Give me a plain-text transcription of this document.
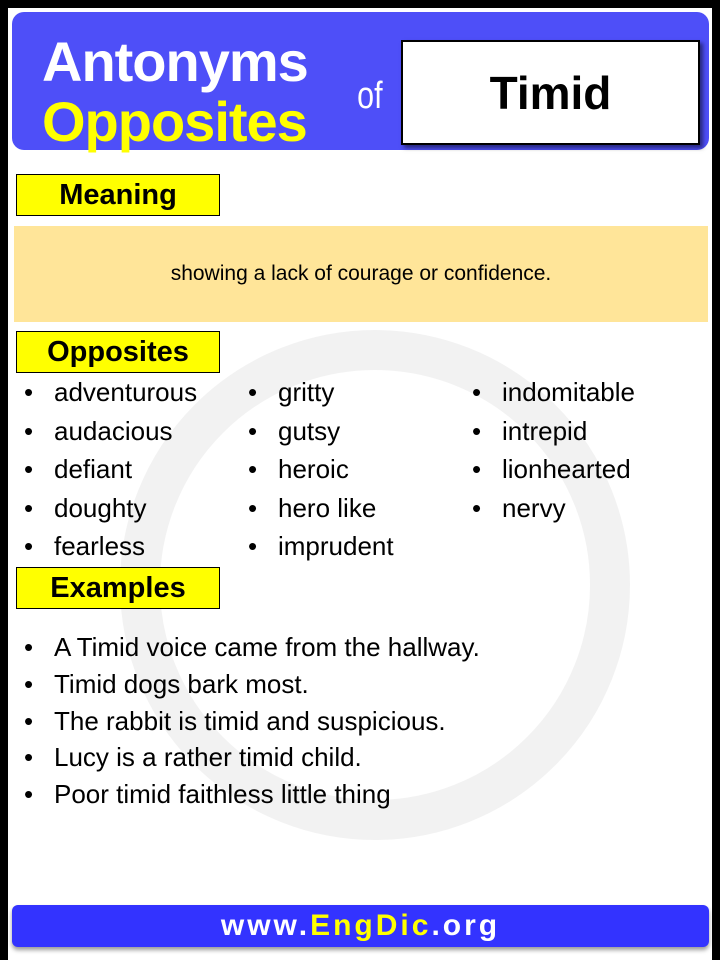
Antonyms
Opposites of	Timid
Meaning
showing a lack of courage or confidence.
Opposites
• adventurous
• audacious
• defiant
• doughty
• fearless
• gritty
• gutsy
• heroic
• hero like
• imprudent
• indomitable
• intrepid
• lionhearted
• nervy
Examples
• A Timid voice came from the hallway.
• Timid dogs bark most.
• The rabbit is timid and suspicious.
• Lucy is a rather timid child.
• Poor timid faithless little thing
www. EngDic .org
